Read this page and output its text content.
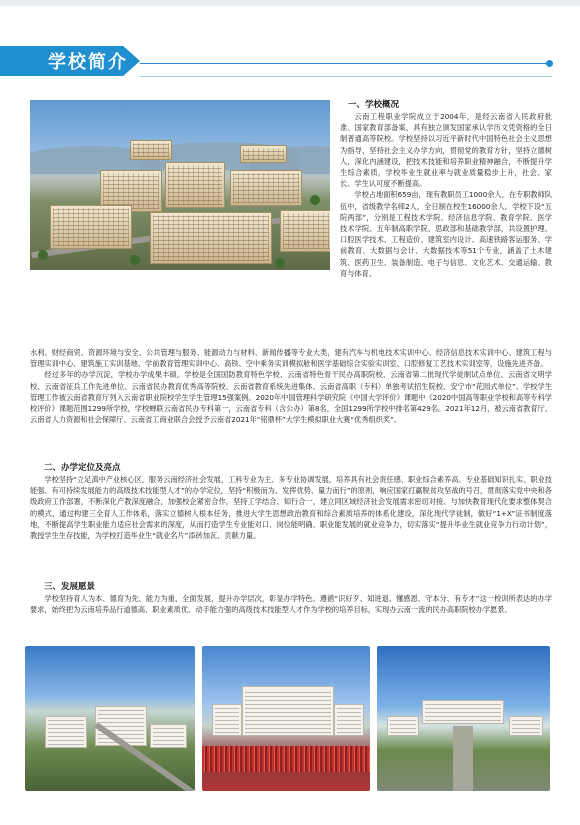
学校简介
一、学校概况

云南工程职业学院成立于2004年，是经云南省人民政府批准、国家教育部备案，具有独立颁发国家承认学历文凭资格的全日制普通高等院校。学校坚持以习近平新时代中国特色社会主义思想为指导，坚持社会主义办学方向，贯彻党的教育方针，坚持立德树人，深化内涵建设，把技术技能和培养职业精神融合，不断提升学生综合素质，学校毕业生就业率与就业质量稳步上升，社会、家长、学生认可度不断提高。

学校占地面积659亩，现有教职员工1000余人，在专职教师队伍中，省级教学名师2人，全日制在校生16000余人。学校下设“五院两部”，分别是工程技术学院、经济信息学院、教育学院、医学技术学院、五年制高职学院、思政部和基础教学部，共设置护理、口腔医学技术、工程造价、建筑室内设计、高速铁路客运服务、学前教育、大数据与会计、大数据技术等51个专业，涵盖了土木建筑、医药卫生、装备制造、电子与信息、文化艺术、交通运输、教育与体育、

水利、财经商贸、资源环境与安全、公共管理与服务、能源动力与材料、新闻传播等专业大类，建有汽车与机电技术实训中心、经济信息技术实训中心、建筑工程与管理实训中心、建筑施工实训基地、学前教育管理实训中心、高铁、空中乘务实训模拟舱和医学基础综合实验实训室、口腔修复工艺技术实训室等，设施先进齐备。

经过多年的办学沉淀，学校办学成果丰硕。学校是全国国防教育特色学校、云南省特色骨干民办高职院校、云南省第二批现代学徒制试点单位、云南省文明学校、云南省征兵工作先进单位、云南省民办教育优秀高等院校、云南省教育系统先进集体、云南省高职（专科）单独考试招生院校、安宁市“花园式单位”。学校学生管理工作被云南省教育厅列入云南省职业院校学生学生管理15强案例。2020年中国管理科学研究院《中国大学评价》课题中《2020中国高等职业学校和高等专科学校评价》课题范围1299所学校，学校蝉联云南省民办专科第一，云南省专科（含公办）第8名，全国1299所学校中排名第429名。2021年12月，被云南省教育厅、云南省人力资源和社会保障厅、云南省工商业联合会授予云南省2021年“铭鼎杯”大学生模拟职业大赛“优秀组织奖”。

二、办学定位及亮点

学校坚持“立足滇中产业核心区，服务云南经济社会发展，工科专业为主、多专业协调发展，培养具有社会责任感、职业综合素养高、专业基础知识扎实、职业技能强、有可持续发展能力的高级技术技能型人才”的办学定位，坚持“积极而为、发挥优势、量力而行”的原则，响应国家打赢脱贫攻坚战的号召，贯彻落实党中央和各级政府工作部署，不断深化产教深度融合，加强校企紧密合作，坚持工学结合、知行合一，建立同区域经济社会发展需求密切对接、与加快教育现代化要求整体契合的模式，通过构建三全育人工作体系，落实立德树人根本任务，推进大学生思想政治教育和综合素质培养的体系化建设，深化现代学徒制，做好“1+X”证书制度落地，不断提高学生职业能力适应社会需求的深度，从而打造学生专业能对口、岗位能明确、职业能发展的就业竞争力，切实落实“提升毕业生就业竞争力行动计划”，教授学生生存技能，为学校打造毕业生“就业名片”添砖加瓦、贡献力量。

三、发展愿景

学校坚持育人为本、德育为先、能力为重、全面发展，提升办学层次，彰显办学特色。遵循“识好歹、知进退、懂感恩、守本分、有专才”这一校训所表达的办学要求，始终把为云南培养品行道德高、职业素质优、动手能力强的高级技术技能型人才作为学校的培养目标，实现办云南一流的民办高职院校办学愿景。
